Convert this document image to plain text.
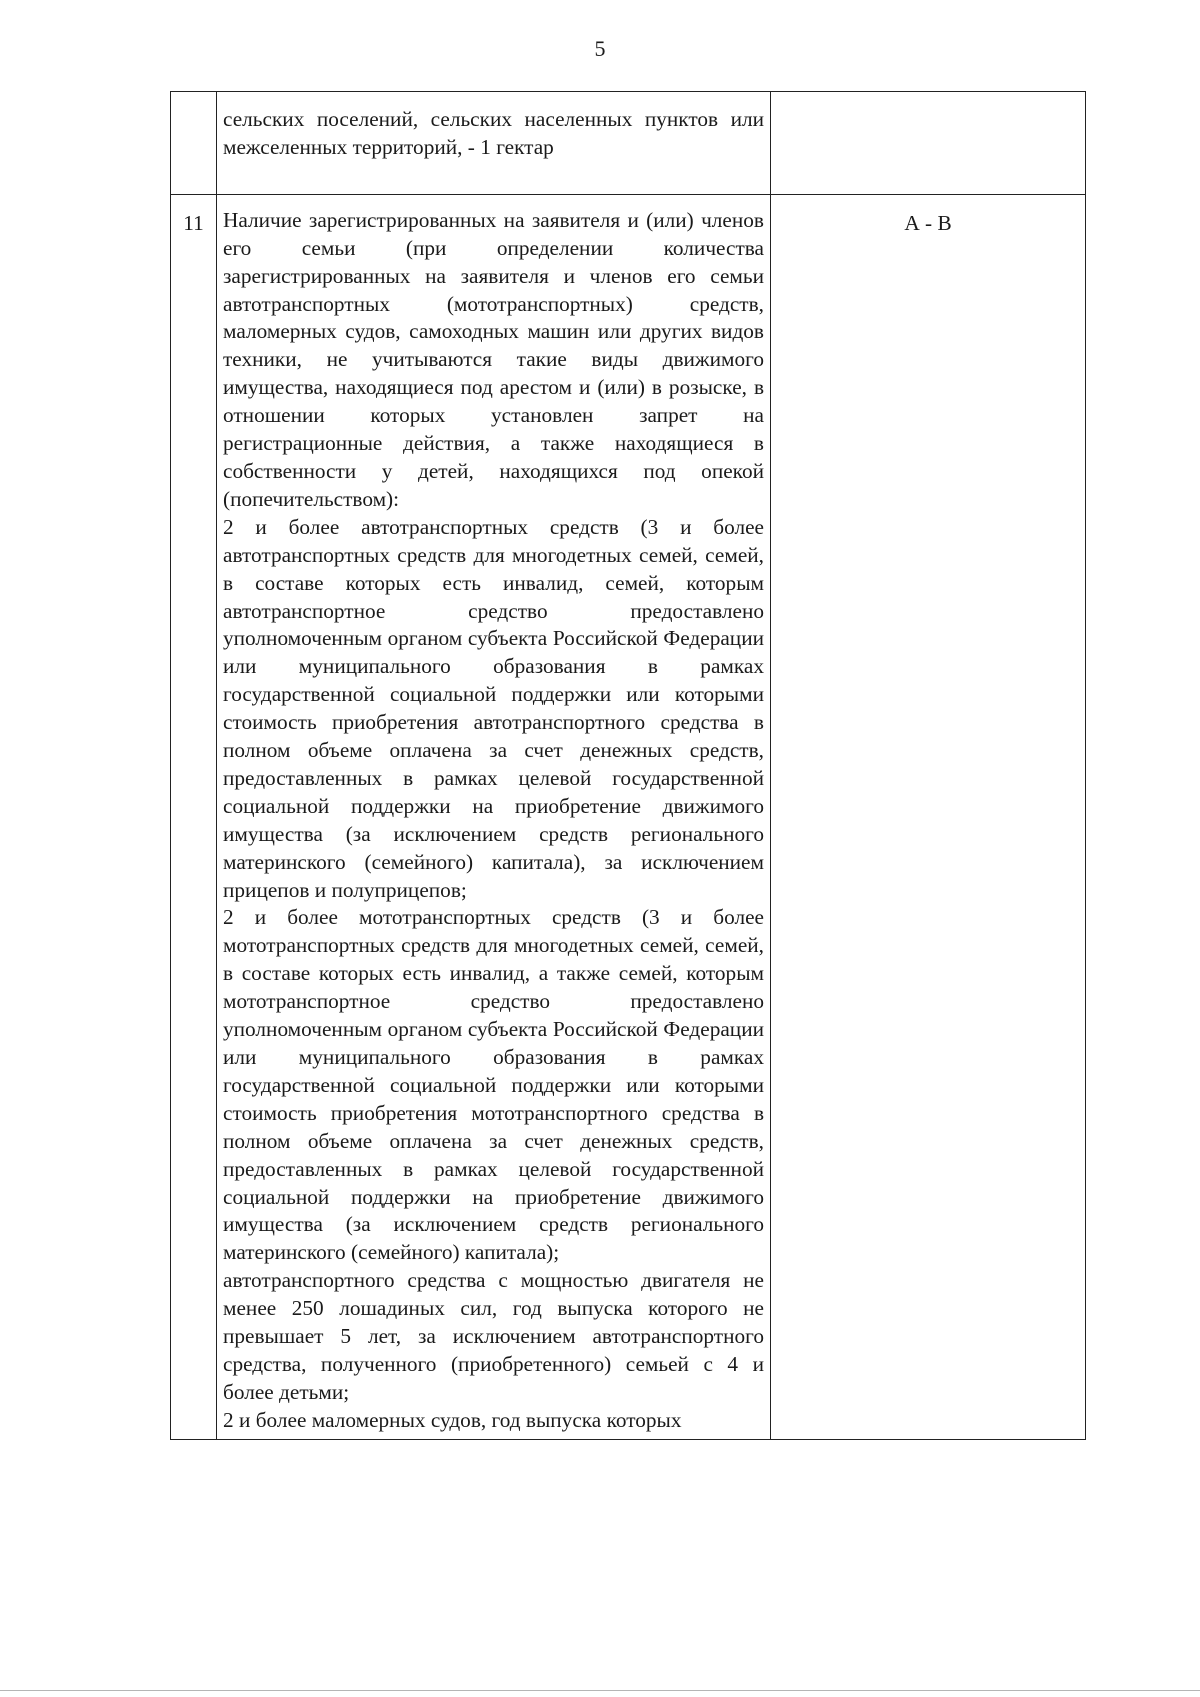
5

	сельских поселений, сельских населенных пунктов или межселенных территорий, - 1 гектар	

11	Наличие зарегистрированных на заявителя и (или) членов его семьи (при определении количества зарегистрированных на заявителя и членов его семьи автотранспортных (мототранспортных) средств, маломерных судов, самоходных машин или других видов техники, не учитываются такие виды движимого имущества, находящиеся под арестом и (или) в розыске, в отношении которых установлен запрет на регистрационные действия, а также находящиеся в собственности у детей, находящихся под опекой (попечительством):

2 и более автотранспортных средств (3 и более автотранспортных средств для многодетных семей, семей, в составе которых есть инвалид, семей, которым автотранспортное средство предоставлено уполномоченным органом субъекта Российской Федерации или муниципального образования в рамках государственной социальной поддержки или которыми стоимость приобретения автотранспортного средства в полном объеме оплачена за счет денежных средств, предоставленных в рамках целевой государственной социальной поддержки на приобретение движимого имущества (за исключением средств регионального материнского (семейного) капитала), за исключением прицепов и полуприцепов;

2 и более мототранспортных средств (3 и более мототранспортных средств для многодетных семей, семей, в составе которых есть инвалид, а также семей, которым мототранспортное средство предоставлено уполномоченным органом субъекта Российской Федерации или муниципального образования в рамках государственной социальной поддержки или которыми стоимость приобретения мототранспортного средства в полном объеме оплачена за счет денежных средств, предоставленных в рамках целевой государственной социальной поддержки на приобретение движимого имущества (за исключением средств регионального материнского (семейного) капитала);

автотранспортного средства с мощностью двигателя не менее 250 лошадиных сил, год выпуска которого не превышает 5 лет, за исключением автотранспортного средства, полученного (приобретенного) семьей с 4 и более детьми;

2 и более маломерных судов, год выпуска которых	А - В
